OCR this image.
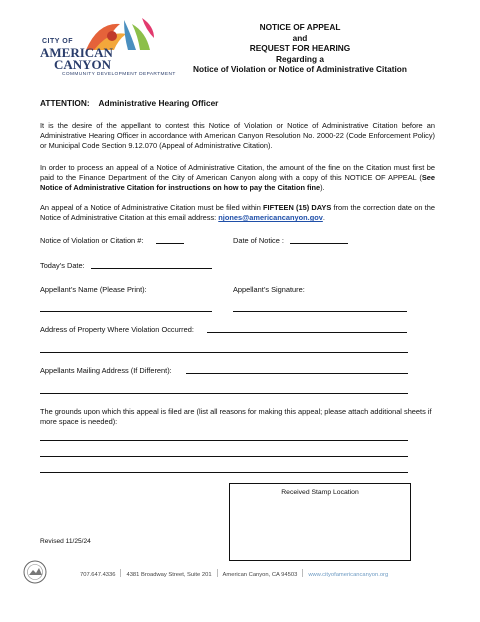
CITY OF
AMERICAN
CANYON
COMMUNITY DEVELOPMENT DEPARTMENT
NOTICE OF APPEAL
and
REQUEST FOR HEARING
Regarding a
Notice of Violation or Notice of Administrative Citation
ATTENTION:    Administrative Hearing Officer
It is the desire of the appellant to contest this Notice of Violation or Notice of Administrative Citation before an Administrative Hearing Officer in accordance with American Canyon Resolution No. 2000-22 (Code Enforcement Policy) or Municipal Code Section 9.12.070 (Appeal of Administrative Citation).
In order to process an appeal of a Notice of Administrative Citation, the amount of the fine on the Citation must first be paid to the Finance Department of the City of American Canyon along with a copy of this NOTICE OF APPEAL (See Notice of Administrative Citation for instructions on how to pay the Citation fine).
An appeal of a Notice of Administrative Citation must be filed within FIFTEEN (15) DAYS from the correction date on the Notice of Administrative Citation at this email address: njones@americancanyon.gov.
Notice of Violation or Citation #:	Date of Notice :
Today’s Date:
Appellant’s Name (Please Print):	Appellant’s Signature:
Address of Property Where Violation Occurred:
Appellants Mailing Address (If Different):
The grounds upon which this appeal is filed are (list all reasons for making this appeal; please attach additional sheets if more space is needed):
Received Stamp Location
Revised 11/25/24
707.647.4336 4381 Broadway Street, Suite 201 American Canyon, CA 94503 www.cityofamericancanyon.org
